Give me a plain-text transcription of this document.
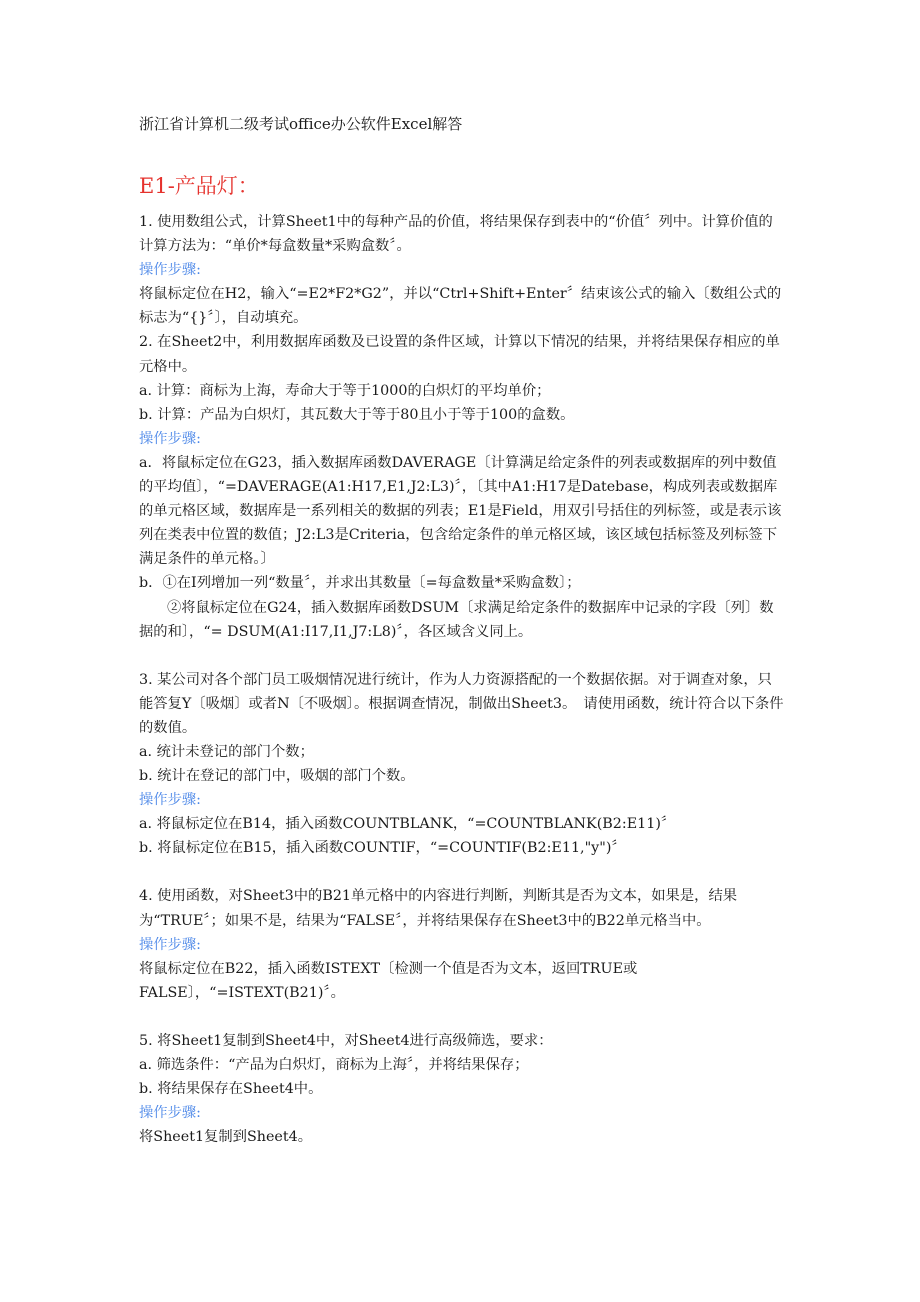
浙江省计算机二级考试office办公软件Excel解答
E1-产品灯：

1. 使用数组公式，计算Sheet1中的每种产品的价值，将结果保存到表中的“价值〞列中。计算价值的计算方法为：“单价*每盒数量*采购盒数〞。

操作步骤:

将鼠标定位在H2，输入“=E2*F2*G2”，并以“Ctrl+Shift+Enter〞结束该公式的输入〔数组公式的标志为“{}〞〕，自动填充。

2. 在Sheet2中，利用数据库函数及已设置的条件区域，计算以下情况的结果，并将结果保存相应的单元格中。

a. 计算：商标为上海，寿命大于等于1000的白炽灯的平均单价；

b. 计算：产品为白炽灯，其瓦数大于等于80且小于等于100的盒数。

操作步骤:

a．将鼠标定位在G23，插入数据库函数DAVERAGE〔计算满足给定条件的列表或数据库的列中数值的平均值〕，“=DAVERAGE(A1:H17,E1,J2:L3)〞，〔其中A1:H17是Datebase，构成列表或数据库的单元格区域，数据库是一系列相关的数据的列表；E1是Field，用双引号括住的列标签，或是表示该列在类表中位置的数值；J2:L3是Criteria，包含给定条件的单元格区域，该区域包括标签及列标签下满足条件的单元格。〕

b．①在I列增加一列“数量〞，并求出其数量〔=每盒数量*采购盒数〕；

②将鼠标定位在G24，插入数据库函数DSUM〔求满足给定条件的数据库中记录的字段〔列〕数据的和〕，“= DSUM(A1:I17,I1,J7:L8)〞，各区域含义同上。

3. 某公司对各个部门员工吸烟情况进行统计，作为人力资源搭配的一个数据依据。对于调查对象，只能答复Y〔吸烟〕或者N〔不吸烟〕。根据调查情况，制做出Sheet3。　请使用函数，统计符合以下条件的数值。

a. 统计未登记的部门个数；

b. 统计在登记的部门中，吸烟的部门个数。

操作步骤:

a. 将鼠标定位在B14，插入函数COUNTBLANK，“=COUNTBLANK(B2:E11)〞

b. 将鼠标定位在B15，插入函数COUNTIF，“=COUNTIF(B2:E11,"y")〞

4. 使用函数，对Sheet3中的B21单元格中的内容进行判断，判断其是否为文本，如果是，结果为“TRUE〞；如果不是，结果为“FALSE〞，并将结果保存在Sheet3中的B22单元格当中。

操作步骤:

将鼠标定位在B22，插入函数ISTEXT〔检测一个值是否为文本，返回TRUE或FALSE〕，“=ISTEXT(B21)〞。

5. 将Sheet1复制到Sheet4中，对Sheet4进行高级筛选，要求：

a. 筛选条件：“产品为白炽灯，商标为上海〞，并将结果保存；

b. 将结果保存在Sheet4中。

操作步骤:

将Sheet1复制到Sheet4。
